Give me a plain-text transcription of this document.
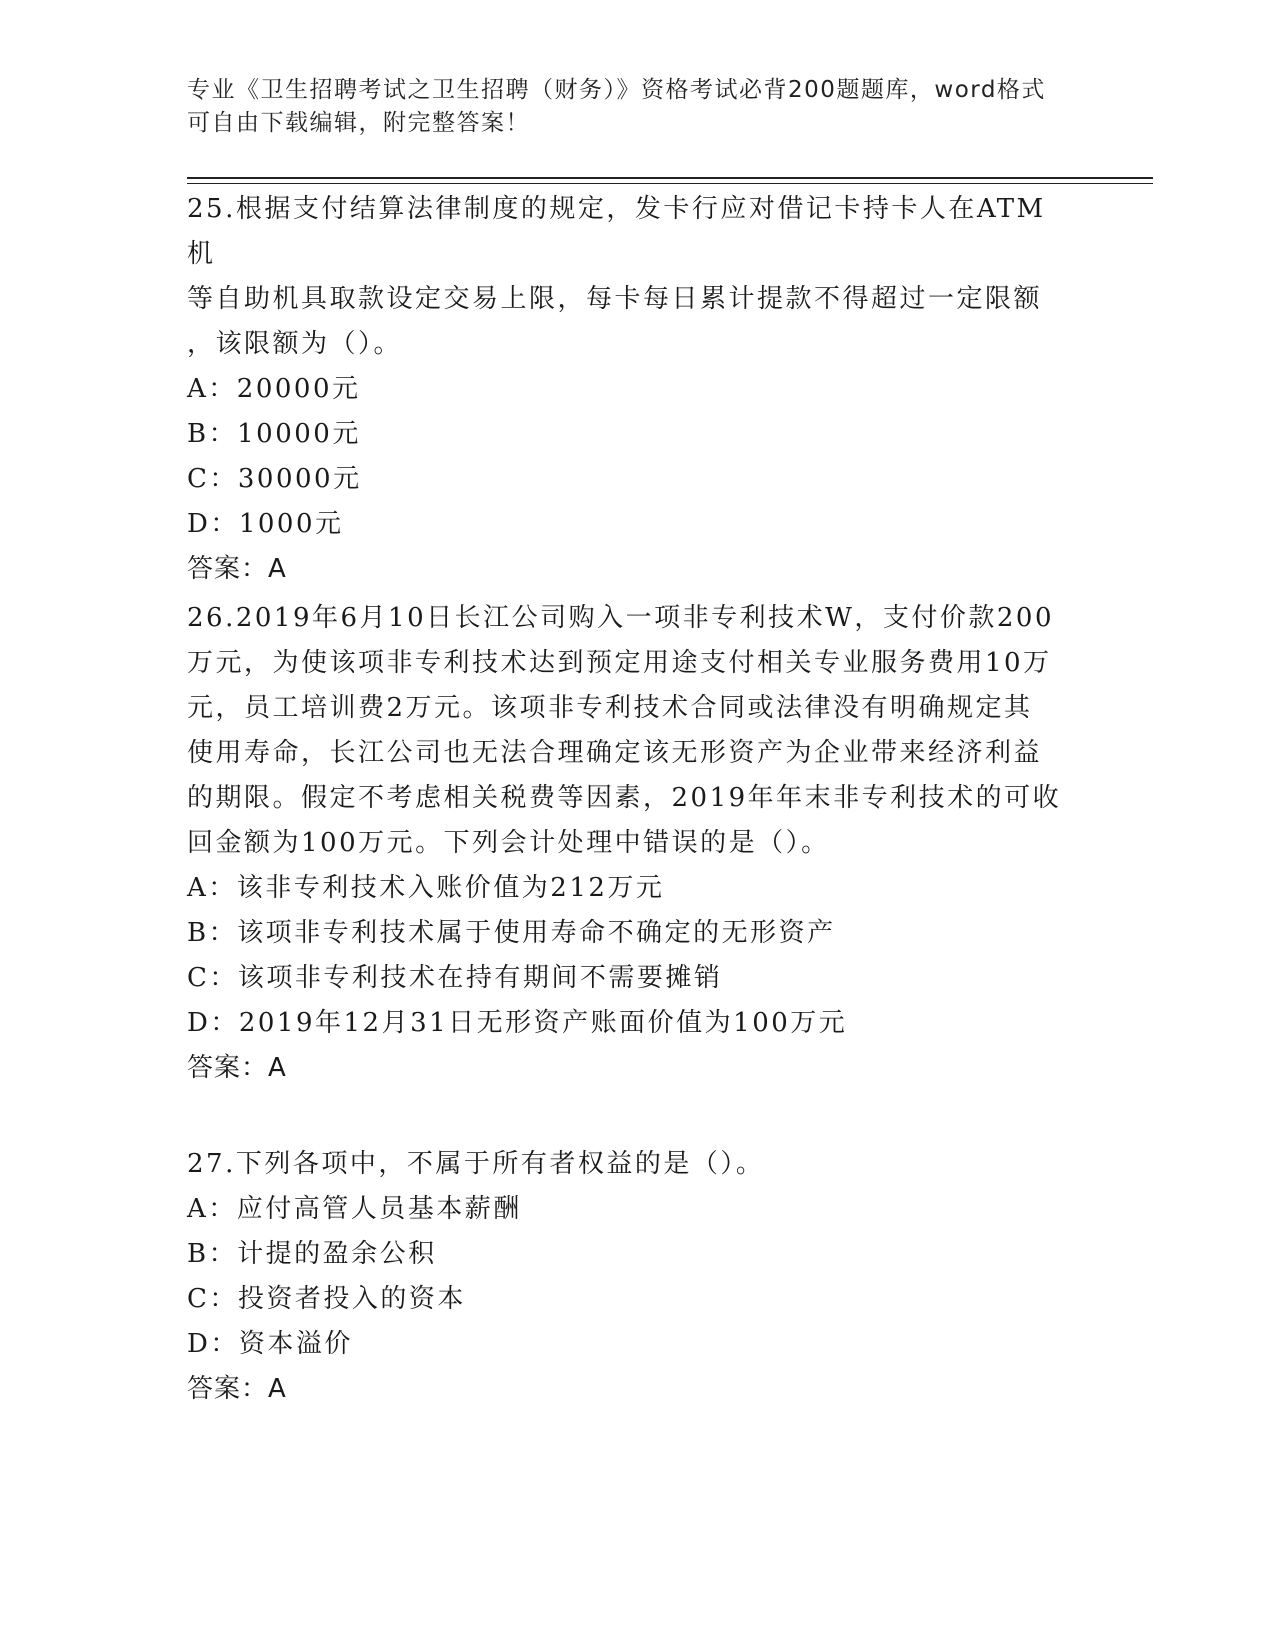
专业《卫生招聘考试之卫生招聘（财务）》资格考试必背200题题库，word格式
可自由下载编辑，附完整答案！

25.根据支付结算法律制度的规定，发卡行应对借记卡持卡人在ATM机

等自助机具取款设定交易上限，每卡每日累计提款不得超过一定限额

，该限额为（）。

A：20000元

B：10000元

C：30000元

D：1000元

答案：A

26.2019年6月10日长江公司购入一项非专利技术W，支付价款200

万元，为使该项非专利技术达到预定用途支付相关专业服务费用10万

元，员工培训费2万元。该项非专利技术合同或法律没有明确规定其

使用寿命，长江公司也无法合理确定该无形资产为企业带来经济利益

的期限。假定不考虑相关税费等因素，2019年年末非专利技术的可收

回金额为100万元。下列会计处理中错误的是（）。

A：该非专利技术入账价值为212万元

B：该项非专利技术属于使用寿命不确定的无形资产

C：该项非专利技术在持有期间不需要摊销

D：2019年12月31日无形资产账面价值为100万元

答案：A

27.下列各项中，不属于所有者权益的是（）。

A：应付高管人员基本薪酬

B：计提的盈余公积

C：投资者投入的资本

D：资本溢价

答案：A
